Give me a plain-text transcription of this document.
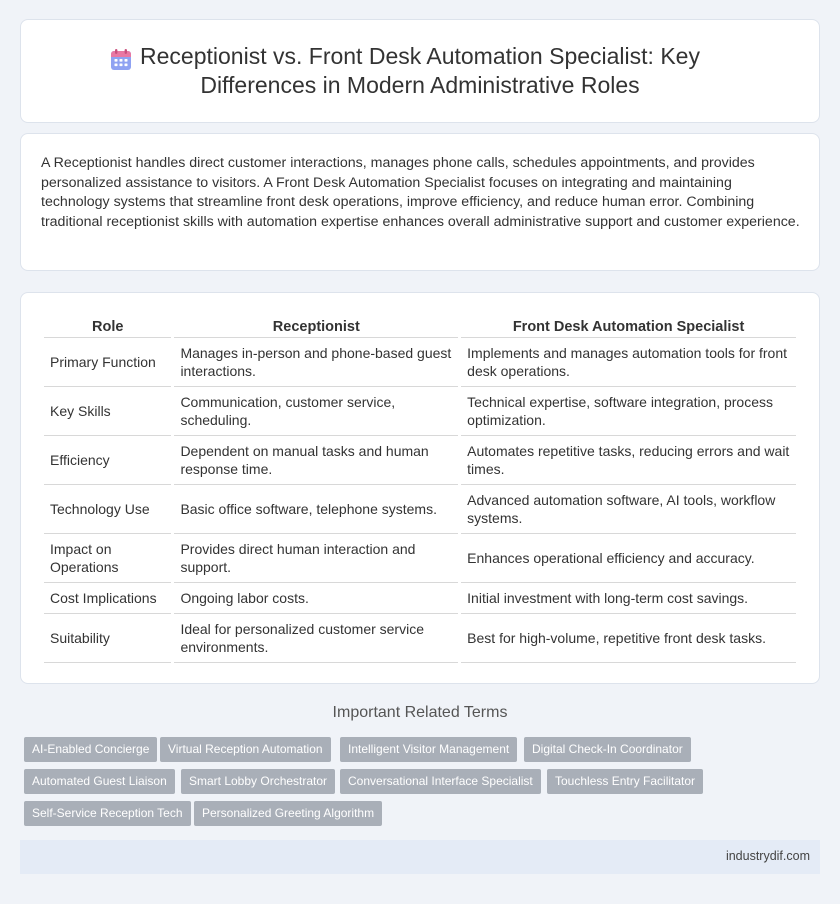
Receptionist vs. Front Desk Automation Specialist: Key Differences in Modern Administrative Roles

A Receptionist handles direct customer interactions, manages phone calls, schedules appointments, and provides personalized assistance to visitors. A Front Desk Automation Specialist focuses on integrating and maintaining technology systems that streamline front desk operations, improve efficiency, and reduce human error. Combining traditional receptionist skills with automation expertise enhances overall administrative support and customer experience.

Role	Receptionist	Front Desk Automation Specialist
Primary Function	Manages in-person and phone-based guest interactions.	Implements and manages automation tools for front desk operations.
Key Skills	Communication, customer service, scheduling.	Technical expertise, software integration, process optimization.
Efficiency	Dependent on manual tasks and human response time.	Automates repetitive tasks, reducing errors and wait times.
Technology Use	Basic office software, telephone systems.	Advanced automation software, AI tools, workflow systems.
Impact on Operations	Provides direct human interaction and support.	Enhances operational efficiency and accuracy.
Cost Implications	Ongoing labor costs.	Initial investment with long-term cost savings.
Suitability	Ideal for personalized customer service environments.	Best for high-volume, repetitive front desk tasks.
Important Related Terms
AI-Enabled Concierge	Virtual Reception Automation	Intelligent Visitor Management	Digital Check-In Coordinator
Automated Guest Liaison	Smart Lobby Orchestrator	Conversational Interface Specialist	Touchless Entry Facilitator
Self-Service Reception Tech	Personalized Greeting Algorithm
industrydif.com
